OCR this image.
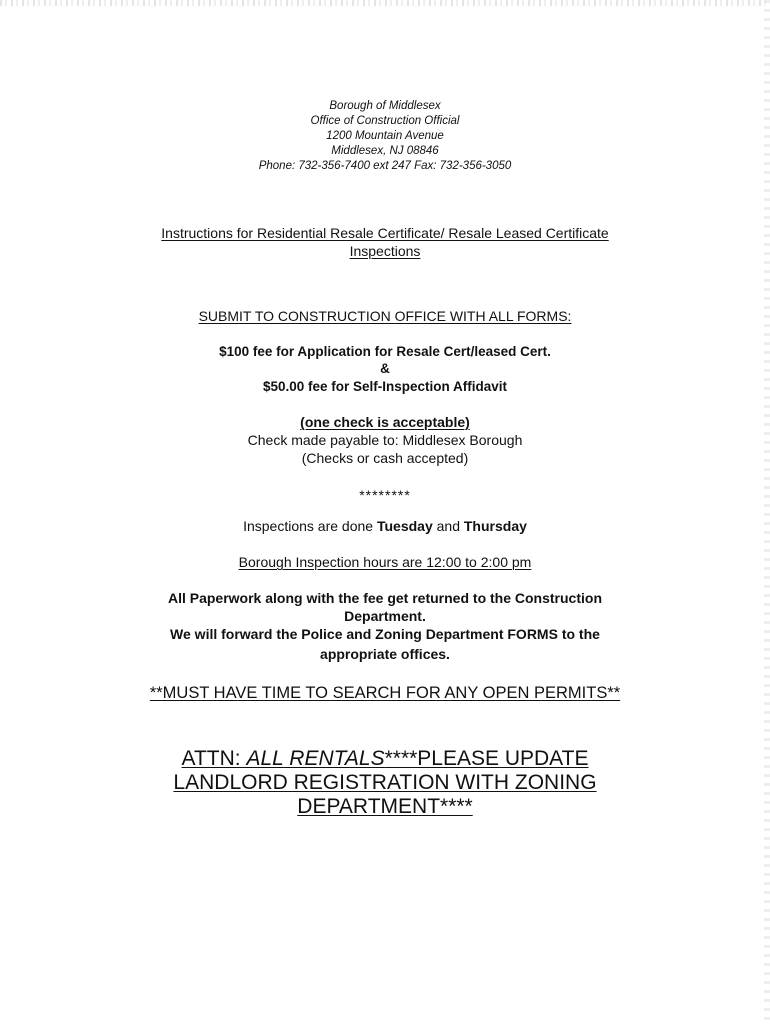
Borough of Middlesex

Office of Construction Official

1200 Mountain Avenue

Middlesex, NJ 08846

Phone: 732-356-7400 ext 247 Fax: 732-356-3050

Instructions for Residential Resale Certificate/ Resale Leased Certificate

Inspections

SUBMIT TO CONSTRUCTION OFFICE WITH ALL FORMS:

$100 fee for Application for Resale Cert/leased Cert.

&

$50.00 fee for Self-Inspection Affidavit

(one check is acceptable)

Check made payable to: Middlesex Borough

(Checks or cash accepted)

********

Inspections are done Tuesday and Thursday

Borough Inspection hours are 12:00 to 2:00 pm

All Paperwork along with the fee get returned to the Construction

Department.

We will forward the Police and Zoning Department FORMS to the

appropriate offices.

**MUST HAVE TIME TO SEARCH FOR ANY OPEN PERMITS**

ATTN: ALL RENTALS****PLEASE UPDATE

LANDLORD REGISTRATION WITH ZONING

DEPARTMENT****
